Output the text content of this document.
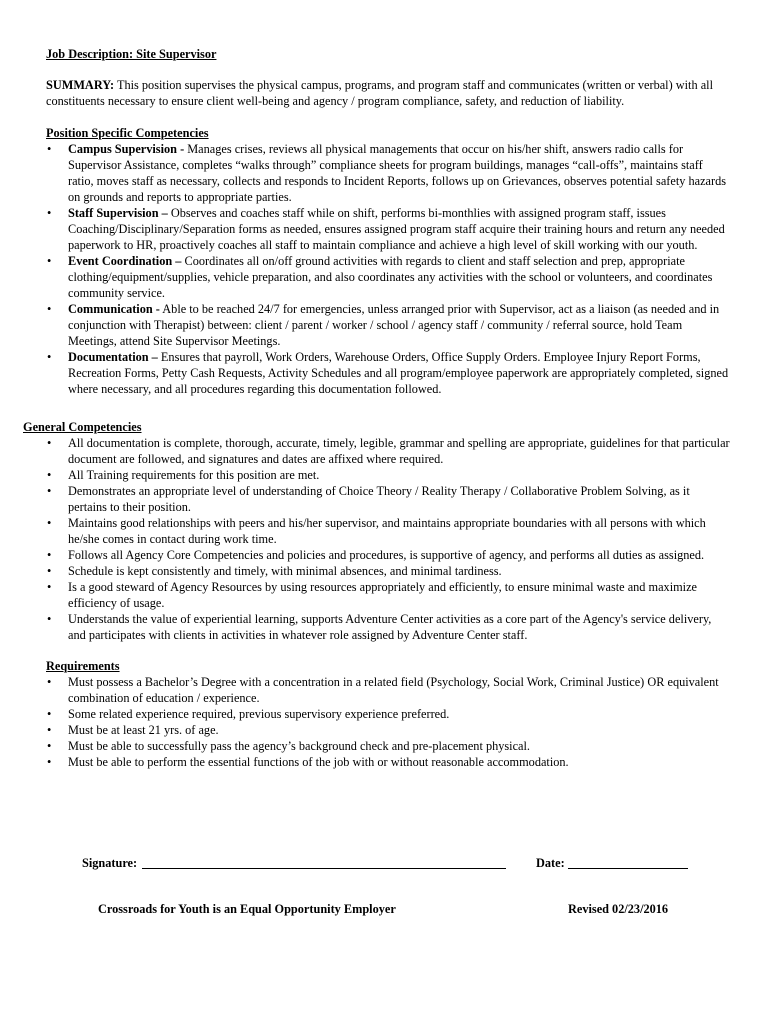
Job Description: Site Supervisor
SUMMARY: This position supervises the physical campus, programs, and program staff and communicates (written or verbal) with all constituents necessary to ensure client well-being and agency / program compliance, safety, and reduction of liability.
Position Specific Competencies
• Campus Supervision - Manages crises, reviews all physical managements that occur on his/her shift, answers radio calls for Supervisor Assistance, completes “walks through” compliance sheets for program buildings, manages “call-offs”, maintains staff ratio, moves staff as necessary, collects and responds to Incident Reports, follows up on Grievances, observes potential safety hazards on grounds and reports to appropriate parties.
• Staff Supervision – Observes and coaches staff while on shift, performs bi-monthlies with assigned program staff, issues Coaching/Disciplinary/Separation forms as needed, ensures assigned program staff acquire their training hours and return any needed paperwork to HR, proactively coaches all staff to maintain compliance and achieve a high level of skill working with our youth.
• Event Coordination – Coordinates all on/off ground activities with regards to client and staff selection and prep, appropriate clothing/equipment/supplies, vehicle preparation, and also coordinates any activities with the school or volunteers, and coordinates community service.
• Communication - Able to be reached 24/7 for emergencies, unless arranged prior with Supervisor, act as a liaison (as needed and in conjunction with Therapist) between: client / parent / worker / school / agency staff / community / referral source, hold Team Meetings, attend Site Supervisor Meetings.
• Documentation – Ensures that payroll, Work Orders, Warehouse Orders, Office Supply Orders. Employee Injury Report Forms, Recreation Forms, Petty Cash Requests, Activity Schedules and all program/employee paperwork are appropriately completed, signed where necessary, and all procedures regarding this documentation followed.
General Competencies
• All documentation is complete, thorough, accurate, timely, legible, grammar and spelling are appropriate, guidelines for that particular document are followed, and signatures and dates are affixed where required.
• All Training requirements for this position are met.
• Demonstrates an appropriate level of understanding of Choice Theory / Reality Therapy / Collaborative Problem Solving, as it pertains to their position.
• Maintains good relationships with peers and his/her supervisor, and maintains appropriate boundaries with all persons with which he/she comes in contact during work time.
• Follows all Agency Core Competencies and policies and procedures, is supportive of agency, and performs all duties as assigned.
• Schedule is kept consistently and timely, with minimal absences, and minimal tardiness.
• Is a good steward of Agency Resources by using resources appropriately and efficiently, to ensure minimal waste and maximize efficiency of usage.
• Understands the value of experiential learning, supports Adventure Center activities as a core part of the Agency's service delivery, and participates with clients in activities in whatever role assigned by Adventure Center staff.
Requirements
• Must possess a Bachelor’s Degree with a concentration in a related field (Psychology, Social Work, Criminal Justice) OR equivalent combination of education / experience.
• Some related experience required, previous supervisory experience preferred.
• Must be at least 21 yrs. of age.
• Must be able to successfully pass the agency’s background check and pre-placement physical.
• Must be able to perform the essential functions of the job with or without reasonable accommodation.
Signature:	Date:
Crossroads for Youth is an Equal Opportunity Employer	Revised 02/23/2016
